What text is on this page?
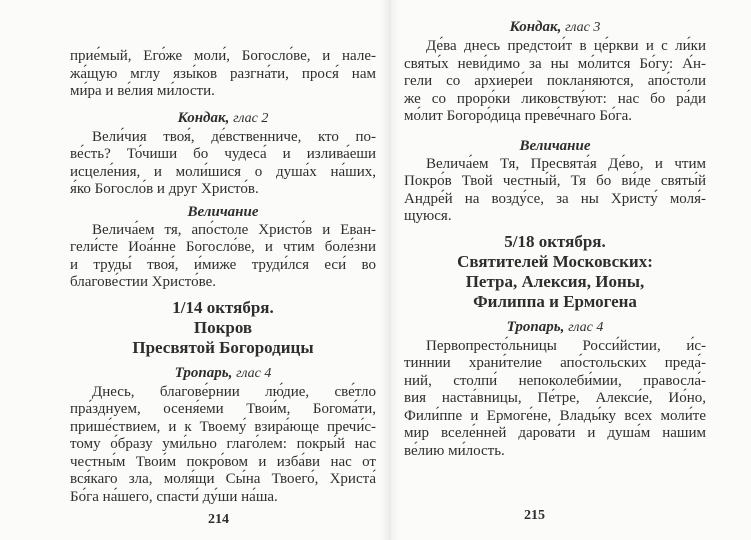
прие́мый, Его́же моли́, Богосло́ве, и нале-
жа́щую мглу язы́ков разгна́ти, прося́ нам
ми́ра и ве́лия ми́лости.
Кондак, глас 2
Вели́чия твоя́, де́вственниче, кто по-
ве́сть? То́чиши бо чудеса́ и излива́еши
исцеле́ния, и моли́шися о душа́х на́ших,
я́ко Богосло́в и друг Христо́в.
Величание
Велича́ем тя, апо́столе Христо́в и Еван-
гели́сте Иоа́нне Богосло́ве, и чтим боле́зни
и труды́ твоя́, и́миже труди́лся еси́ во
благове́стии Христо́ве.
1/14 октября.
Покров
Пресвятой Богородицы
Тропарь, глас 4
Днесь, благове́рнии лю́дие, све́тло
пра́зднуем, осеня́еми Твои́м, Богома́ти,
прише́ствием, и к Твоему́ взира́юще пречи́с-
тому о́бразу уми́льно глаго́лем: покры́й нас
честны́м Твои́м покро́вом и изба́ви нас от
вся́каго зла, моля́щи Сы́на Твоего́, Христа́
Бо́га на́шего, спасти́ ду́ши на́ша.
214
Кондак, глас 3
Де́ва днесь предстои́т в це́ркви и с ли́ки
святы́х неви́димо за ны мо́лится Бо́гу: А́н-
гели со архиере́и покланяются, апо́столи
же со проро́ки ликовству́ют: нас бо ра́ди
мо́лит Богоро́дица преве́чнаго Бо́га.
Величание
Велича́ем Тя, Пресвята́я Де́во, и чтим
Покро́в Твой честны́й, Тя бо ви́де святы́й
Андре́й на возду́се, за ны Христу́ моля́-
щуюся.
5/18 октября.
Святителей Московских:
Петра, Алексия, Ионы,
Филиппа и Ермогена
Тропарь, глас 4
Первопресто́льницы Росси́йстии, и́с-
тиннии храни́телие апо́стольских преда́-
ний, столпи́ непоколеби́мии, правосла́-
вия наста́вницы, Пе́тре, Алекси́е, Ио́но,
Фили́ппе и Ермоге́не, Влады́ку всех моли́те
мир вселе́нней дарова́ти и душа́м нашим
ве́лию ми́лость.
215
